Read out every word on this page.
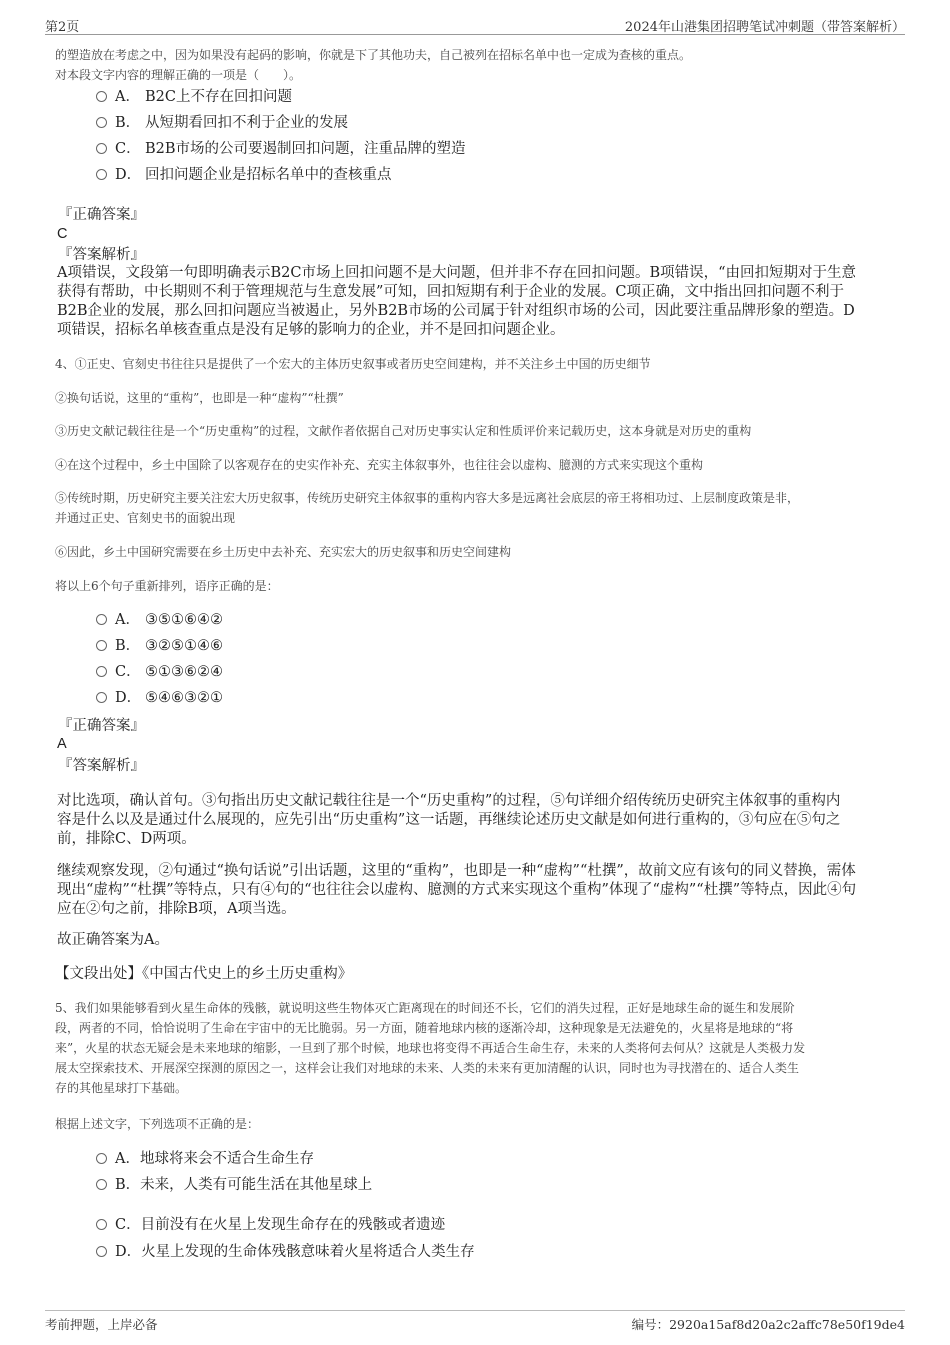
第2页	2024年山港集团招聘笔试冲刺题（带答案解析）
的塑造放在考虑之中，因为如果没有起码的影响，你就是下了其他功夫，自己被列在招标名单中也一定成为查核的重点。
对本段文字内容的理解正确的一项是（　　）。
A． B2C上不存在回扣问题
B． 从短期看回扣不利于企业的发展
C． B2B市场的公司要遏制回扣问题，注重品牌的塑造
D． 回扣问题企业是招标名单中的查核重点
『正确答案』
C
『答案解析』
A项错误，文段第一句即明确表示B2C市场上回扣问题不是大问题，但并非不存在回扣问题。B项错误，“由回扣短期对于生意
获得有帮助，中长期则不利于管理规范与生意发展”可知，回扣短期有利于企业的发展。C项正确，文中指出回扣问题不利于
B2B企业的发展，那么回扣问题应当被遏止，另外B2B市场的公司属于针对组织市场的公司，因此要注重品牌形象的塑造。D
项错误，招标名单核查重点是没有足够的影响力的企业，并不是回扣问题企业。
4、①正史、官刻史书往往只是提供了一个宏大的主体历史叙事或者历史空间建构，并不关注乡土中国的历史细节
②换句话说，这里的“重构”，也即是一种“虚构”“杜撰”
③历史文献记载往往是一个“历史重构”的过程，文献作者依据自己对历史事实认定和性质评价来记载历史，这本身就是对历史的重构
④在这个过程中，乡土中国除了以客观存在的史实作补充、充实主体叙事外，也往往会以虚构、臆测的方式来实现这个重构
⑤传统时期，历史研究主要关注宏大历史叙事，传统历史研究主体叙事的重构内容大多是远离社会底层的帝王将相功过、上层制度政策是非，
并通过正史、官刻史书的面貌出现
⑥因此，乡土中国研究需要在乡土历史中去补充、充实宏大的历史叙事和历史空间建构
将以上6个句子重新排列，语序正确的是：
A． ③⑤①⑥④②
B． ③②⑤①④⑥
C． ⑤①③⑥②④
D． ⑤④⑥③②①
『正确答案』
A
『答案解析』
对比选项，确认首句。③句指出历史文献记载往往是一个“历史重构”的过程，⑤句详细介绍传统历史研究主体叙事的重构内
容是什么以及是通过什么展现的，应先引出“历史重构”这一话题，再继续论述历史文献是如何进行重构的，③句应在⑤句之
前，排除C、D两项。
继续观察发现，②句通过“换句话说”引出话题，这里的“重构”，也即是一种“虚构”“杜撰”，故前文应有该句的同义替换，需体
现出“虚构”“杜撰”等特点，只有④句的“也往往会以虚构、臆测的方式来实现这个重构”体现了“虚构”“杜撰”等特点，因此④句
应在②句之前，排除B项，A项当选。
故正确答案为A。
【文段出处】《中国古代史上的乡土历史重构》
5、我们如果能够看到火星生命体的残骸，就说明这些生物体灭亡距离现在的时间还不长，它们的消失过程，正好是地球生命的诞生和发展阶
段，两者的不同，恰恰说明了生命在宇宙中的无比脆弱。另一方面，随着地球内核的逐渐冷却，这种现象是无法避免的，火星将是地球的“将
来”，火星的状态无疑会是未来地球的缩影，一旦到了那个时候，地球也将变得不再适合生命生存，未来的人类将何去何从？这就是人类极力发
展太空探索技术、开展深空探测的原因之一，这样会让我们对地球的未来、人类的未来有更加清醒的认识，同时也为寻找潜在的、适合人类生
存的其他星球打下基础。
根据上述文字，下列选项不正确的是：
A．地球将来会不适合生命生存
B．未来，人类有可能生活在其他星球上
C．目前没有在火星上发现生命存在的残骸或者遗迹
D．火星上发现的生命体残骸意味着火星将适合人类生存
考前押题，上岸必备	编号：2920a15af8d20a2c2affc78e50f19de4
